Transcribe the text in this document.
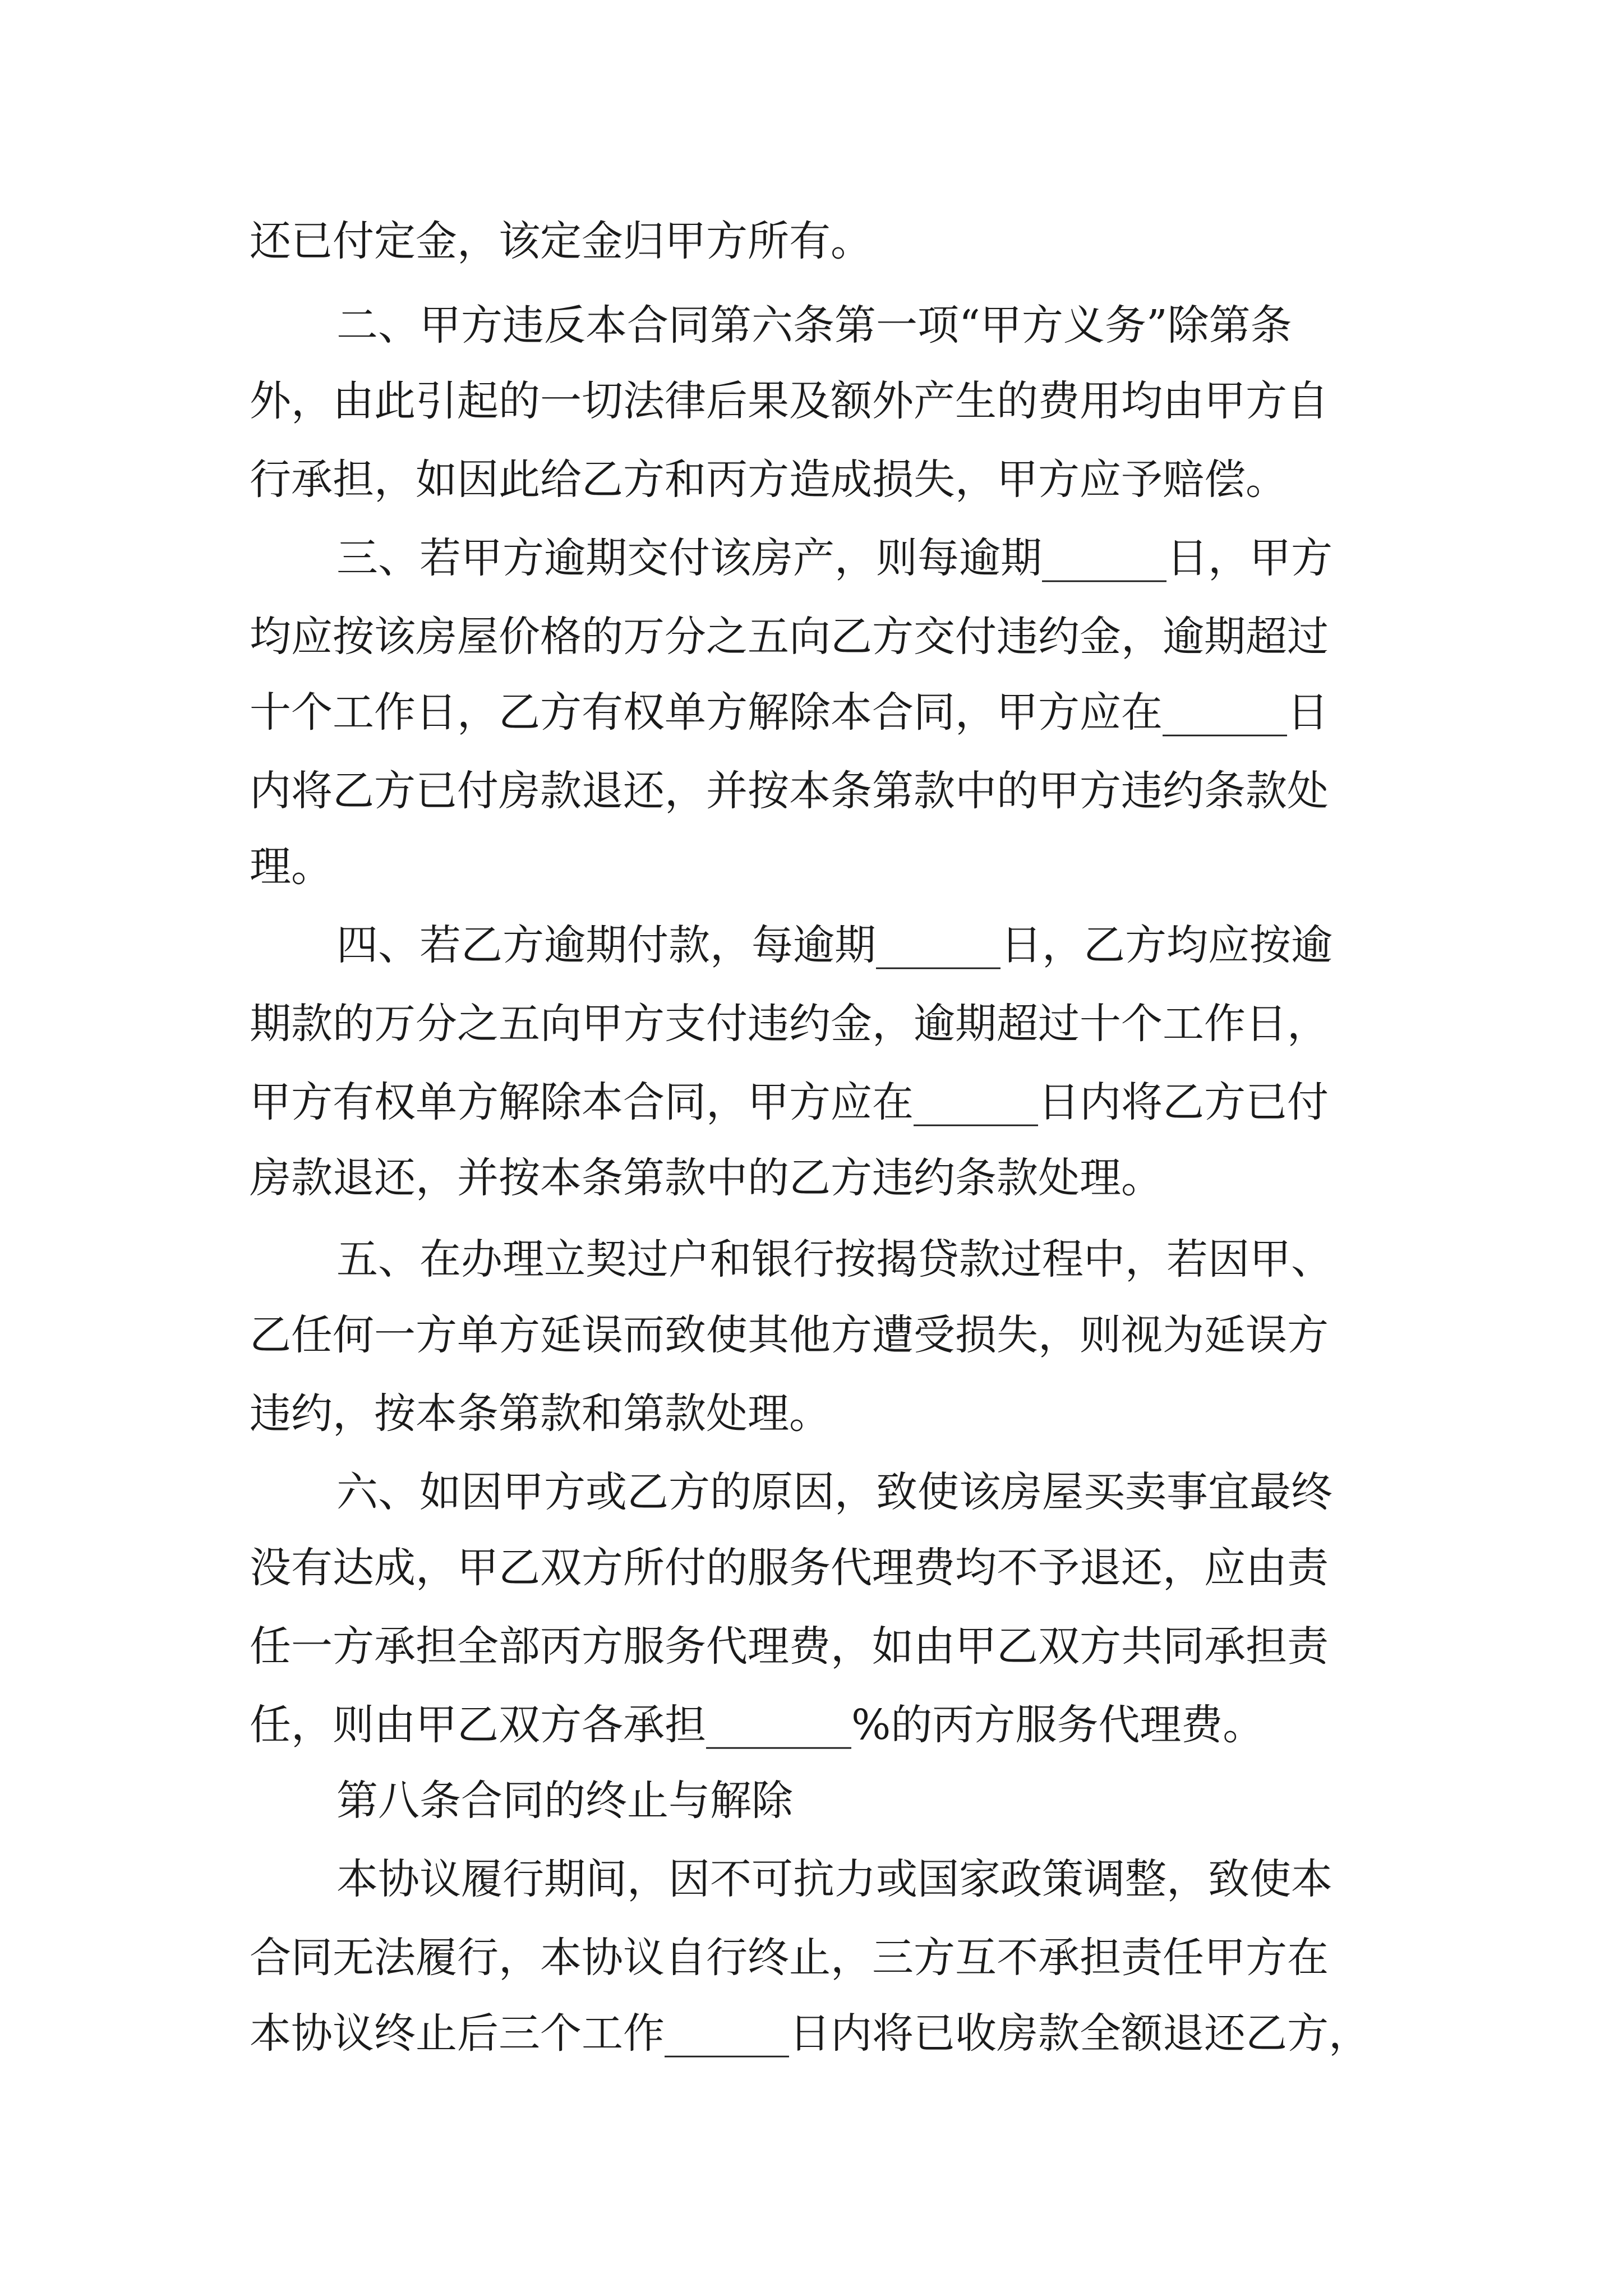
还已付定金，该定金归甲方所有。
二、甲方违反本合同第六条第一项“甲方义务”除第条
外，由此引起的一切法律后果及额外产生的费用均由甲方自
行承担，如因此给乙方和丙方造成损失，甲方应予赔偿。
三、若甲方逾期交付该房产，则每逾期______日，甲方
均应按该房屋价格的万分之五向乙方交付违约金，逾期超过
十个工作日，乙方有权单方解除本合同，甲方应在______日
内将乙方已付房款退还，并按本条第款中的甲方违约条款处
理。
四、若乙方逾期付款，每逾期______日，乙方均应按逾
期款的万分之五向甲方支付违约金，逾期超过十个工作日，
甲方有权单方解除本合同，甲方应在______日内将乙方已付
房款退还，并按本条第款中的乙方违约条款处理。
五、在办理立契过户和银行按揭贷款过程中，若因甲、
乙任何一方单方延误而致使其他方遭受损失，则视为延误方
违约，按本条第款和第款处理。
六、如因甲方或乙方的原因，致使该房屋买卖事宜最终
没有达成，甲乙双方所付的服务代理费均不予退还，应由责
任一方承担全部丙方服务代理费，如由甲乙双方共同承担责
任，则由甲乙双方各承担_______%的丙方服务代理费。
第八条合同的终止与解除
本协议履行期间，因不可抗力或国家政策调整，致使本
合同无法履行，本协议自行终止，三方互不承担责任甲方在
本协议终止后三个工作______日内将已收房款全额退还乙方，
